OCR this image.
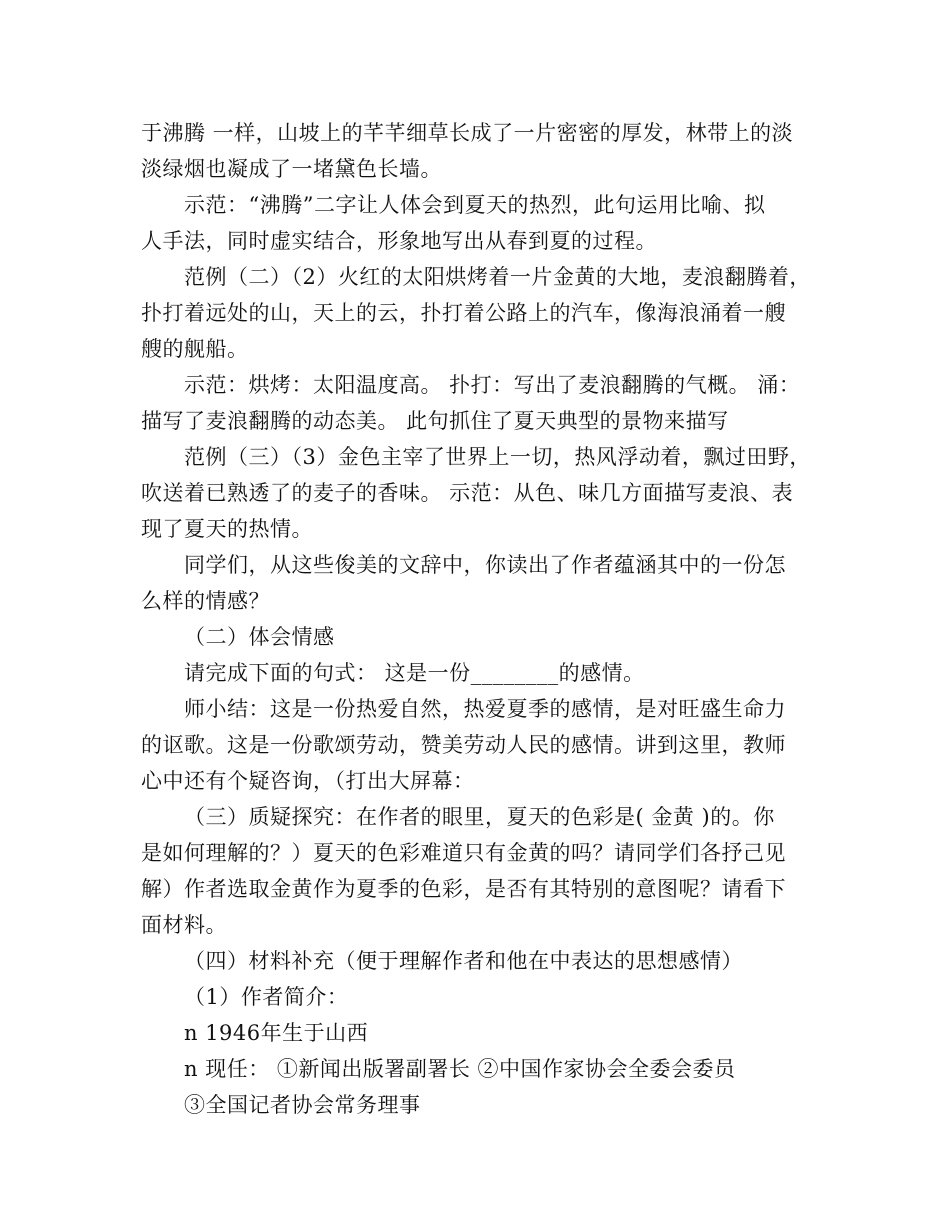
于沸腾 一样，山坡上的芊芊细草长成了一片密密的厚发，林带上的淡
淡绿烟也凝成了一堵黛色长墙。
示范：“沸腾”二字让人体会到夏天的热烈，此句运用比喻、拟
人手法，同时虚实结合，形象地写出从春到夏的过程。
范例（二）（2）火红的太阳烘烤着一片金黄的大地，麦浪翻腾着，
扑打着远处的山，天上的云，扑打着公路上的汽车，像海浪涌着一艘
艘的舰船。
示范：烘烤：太阳温度高。 扑打：写出了麦浪翻腾的气概。 涌：
描写了麦浪翻腾的动态美。 此句抓住了夏天典型的景物来描写
范例（三）（3）金色主宰了世界上一切，热风浮动着，飘过田野，
吹送着已熟透了的麦子的香味。 示范：从色、味几方面描写麦浪、表
现了夏天的热情。
同学们，从这些俊美的文辞中，你读出了作者蕴涵其中的一份怎
么样的情感？
（二）体会情感
请完成下面的句式： 这是一份________的感情。
师小结：这是一份热爱自然，热爱夏季的感情，是对旺盛生命力
的讴歌。这是一份歌颂劳动，赞美劳动人民的感情。讲到这里，教师
心中还有个疑咨询，（打出大屏幕：
（三）质疑探究：在作者的眼里，夏天的色彩是( 金黄 )的。你
是如何理解的？）夏天的色彩难道只有金黄的吗？请同学们各抒己见
解）作者选取金黄作为夏季的色彩，是否有其特别的意图呢？请看下
面材料。
（四）材料补充（便于理解作者和他在中表达的思想感情）
（1）作者简介：
n 1946年生于山西
n 现任： ①新闻出版署副署长 ②中国作家协会全委会委员
③全国记者协会常务理事
